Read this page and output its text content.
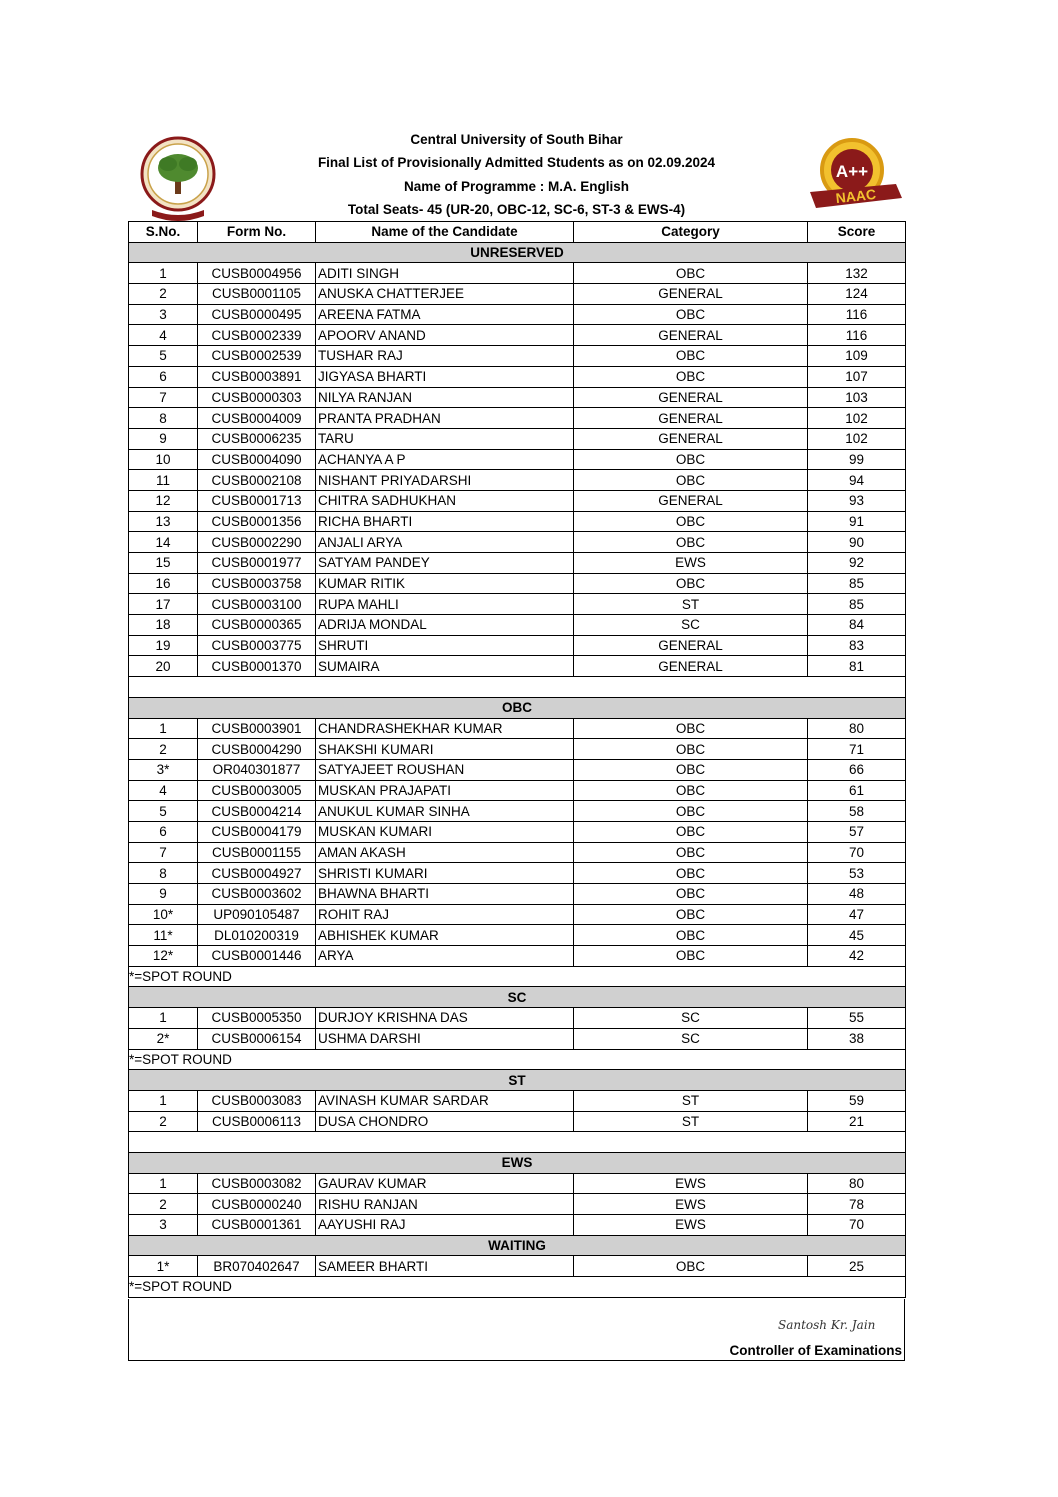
Central University of South Bihar
Final List of Provisionally Admitted Students as on 02.09.2024
Name of Programme : M.A. English
Total Seats- 45 (UR-20, OBC-12, SC-6, ST-3 & EWS-4)
A++
NAAC
S.No.	Form No.	Name of the Candidate	Category	Score
UNRESERVED				
1	CUSB0004956	ADITI SINGH	OBC	132
2	CUSB0001105	ANUSKA CHATTERJEE	GENERAL	124
3	CUSB0000495	AREENA FATMA	OBC	116
4	CUSB0002339	APOORV ANAND	GENERAL	116
5	CUSB0002539	TUSHAR RAJ	OBC	109
6	CUSB0003891	JIGYASA BHARTI	OBC	107
7	CUSB0000303	NILYA RANJAN	GENERAL	103
8	CUSB0004009	PRANTA PRADHAN	GENERAL	102
9	CUSB0006235	TARU	GENERAL	102
10	CUSB0004090	ACHANYA A P	OBC	99
11	CUSB0002108	NISHANT PRIYADARSHI	OBC	94
12	CUSB0001713	CHITRA SADHUKHAN	GENERAL	93
13	CUSB0001356	RICHA BHARTI	OBC	91
14	CUSB0002290	ANJALI ARYA	OBC	90
15	CUSB0001977	SATYAM PANDEY	EWS	92
16	CUSB0003758	KUMAR RITIK	OBC	85
17	CUSB0003100	RUPA MAHLI	ST	85
18	CUSB0000365	ADRIJA MONDAL	SC	84
19	CUSB0003775	SHRUTI	GENERAL	83
20	CUSB0001370	SUMAIRA	GENERAL	81

OBC				
1	CUSB0003901	CHANDRASHEKHAR KUMAR	OBC	80
2	CUSB0004290	SHAKSHI KUMARI	OBC	71
3*	OR040301877	SATYAJEET ROUSHAN	OBC	66
4	CUSB0003005	MUSKAN PRAJAPATI	OBC	61
5	CUSB0004214	ANUKUL KUMAR SINHA	OBC	58
6	CUSB0004179	MUSKAN KUMARI	OBC	57
7	CUSB0001155	AMAN AKASH	OBC	70
8	CUSB0004927	SHRISTI KUMARI	OBC	53
9	CUSB0003602	BHAWNA BHARTI	OBC	48
10*	UP090105487	ROHIT RAJ	OBC	47
11*	DL010200319	ABHISHEK KUMAR	OBC	45
12*	CUSB0001446	ARYA	OBC	42
*=SPOT ROUND				
SC				
1	CUSB0005350	DURJOY KRISHNA DAS	SC	55
2*	CUSB0006154	USHMA DARSHI	SC	38
*=SPOT ROUND				
ST				
1	CUSB0003083	AVINASH KUMAR SARDAR	ST	59
2	CUSB0006113	DUSA CHONDRO	ST	21

EWS				
1	CUSB0003082	GAURAV KUMAR	EWS	80
2	CUSB0000240	RISHU RANJAN	EWS	78
3	CUSB0001361	AAYUSHI RAJ	EWS	70
WAITING				
1*	BR070402647	SAMEER BHARTI	OBC	25
*=SPOT ROUND				
Santosh Kr. Jain
Controller of Examinations
